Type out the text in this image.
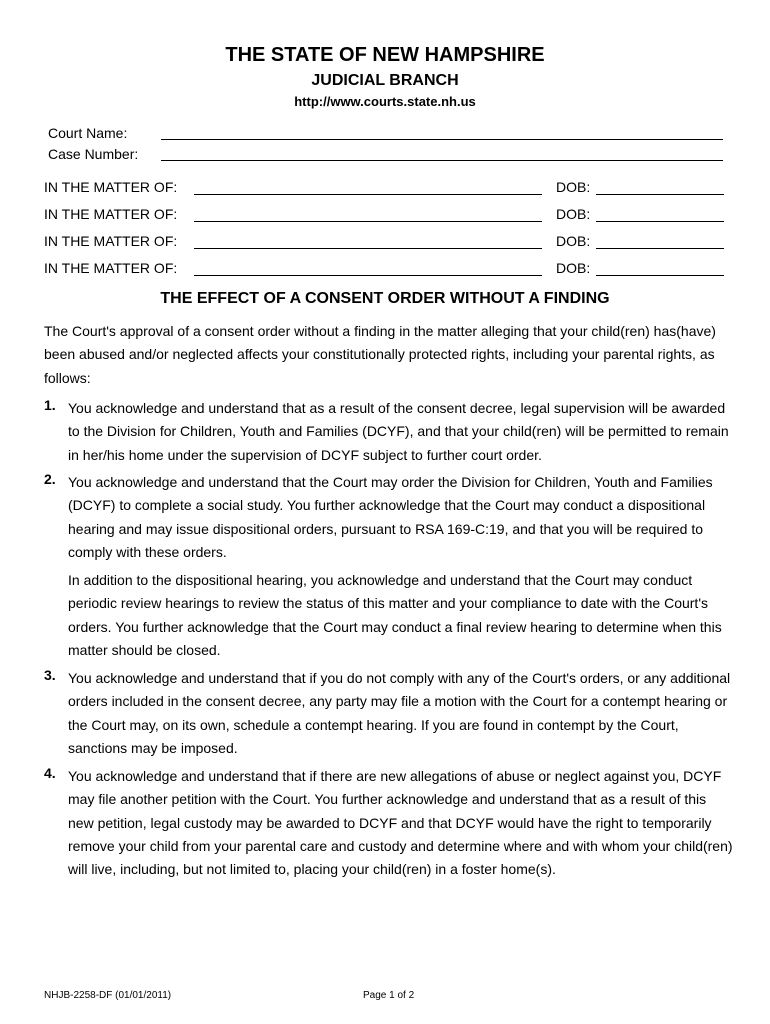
THE STATE OF NEW HAMPSHIRE
JUDICIAL BRANCH
http://www.courts.state.nh.us
Court Name:
Case Number:
IN THE MATTER OF:	DOB:
IN THE MATTER OF:	DOB:
IN THE MATTER OF:	DOB:
IN THE MATTER OF:	DOB:
THE EFFECT OF A CONSENT ORDER WITHOUT A FINDING
The Court's approval of a consent order without a finding in the matter alleging that your child(ren) has(have) been abused and/or neglected affects your constitutionally protected rights, including your parental rights, as follows:
1. You acknowledge and understand that as a result of the consent decree, legal supervision will be awarded to the Division for Children, Youth and Families (DCYF), and that your child(ren) will be permitted to remain in her/his home under the supervision of DCYF subject to further court order.
2. You acknowledge and understand that the Court may order the Division for Children, Youth and Families (DCYF) to complete a social study. You further acknowledge that the Court may conduct a dispositional hearing and may issue dispositional orders, pursuant to RSA 169-C:19, and that you will be required to comply with these orders.
In addition to the dispositional hearing, you acknowledge and understand that the Court may conduct periodic review hearings to review the status of this matter and your compliance to date with the Court's orders. You further acknowledge that the Court may conduct a final review hearing to determine when this matter should be closed.
3. You acknowledge and understand that if you do not comply with any of the Court's orders, or any additional orders included in the consent decree, any party may file a motion with the Court for a contempt hearing or the Court may, on its own, schedule a contempt hearing. If you are found in contempt by the Court, sanctions may be imposed.
4. You acknowledge and understand that if there are new allegations of abuse or neglect against you, DCYF may file another petition with the Court. You further acknowledge and understand that as a result of this new petition, legal custody may be awarded to DCYF and that DCYF would have the right to temporarily remove your child from your parental care and custody and determine where and with whom your child(ren) will live, including, but not limited to, placing your child(ren) in a foster home(s).
NHJB-2258-DF (01/01/2011)	Page 1 of 2
